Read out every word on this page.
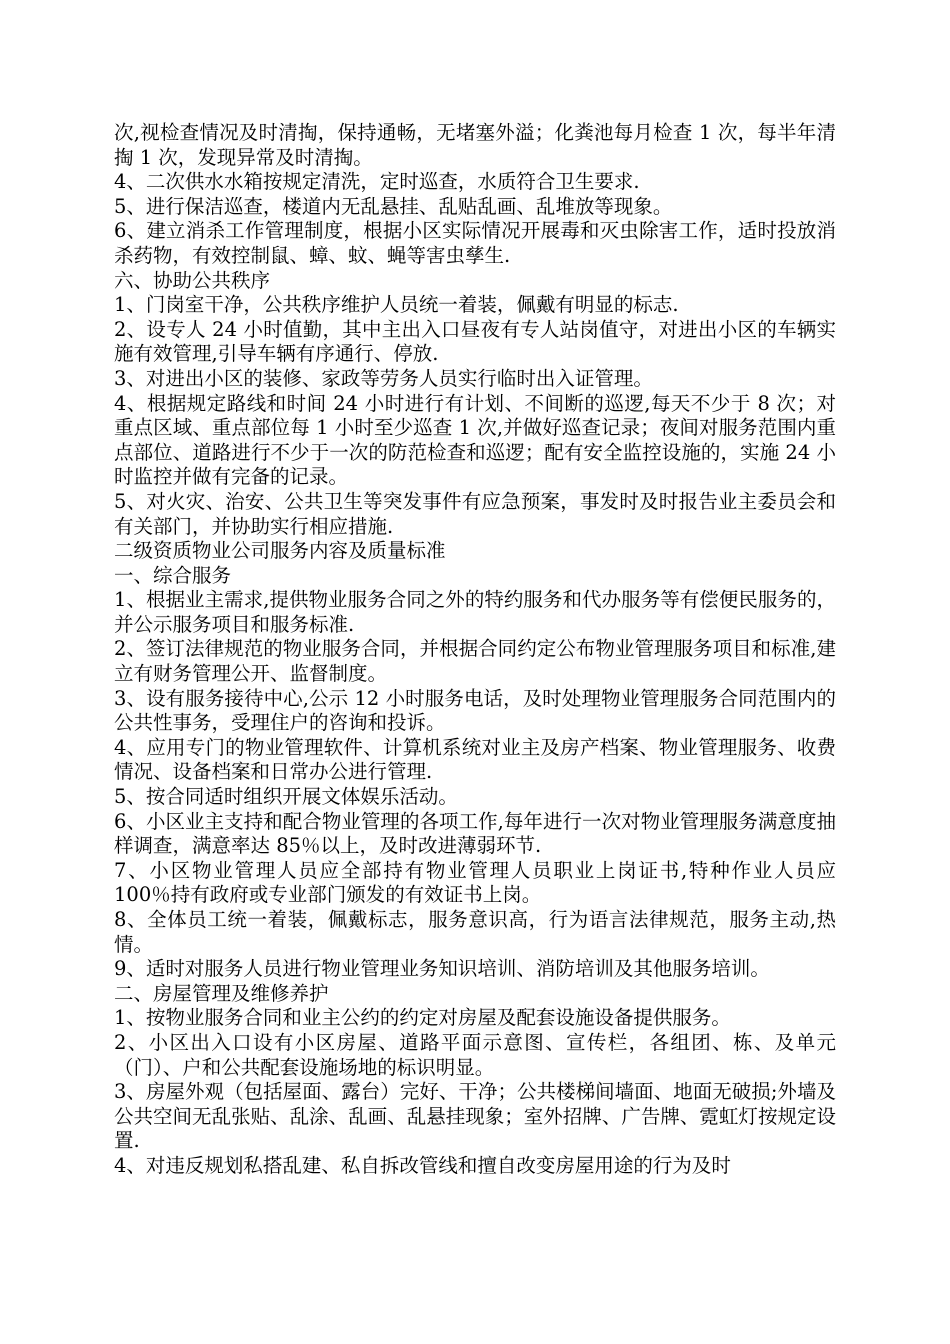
次,视检查情况及时清掏，保持通畅，无堵塞外溢；化粪池每月检查 1 次，每半年清掏 1 次，发现异常及时清掏。

4、二次供水水箱按规定清洗，定时巡查，水质符合卫生要求.

5、进行保洁巡查，楼道内无乱悬挂、乱贴乱画、乱堆放等现象。

6、建立消杀工作管理制度，根据小区实际情况开展毒和灭虫除害工作，适时投放消杀药物，有效控制鼠、蟑、蚊、蝇等害虫孳生.

六、协助公共秩序

1、门岗室干净，公共秩序维护人员统一着装，佩戴有明显的标志.

2、设专人 24 小时值勤，其中主出入口昼夜有专人站岗值守，对进出小区的车辆实施有效管理,引导车辆有序通行、停放.

3、对进出小区的装修、家政等劳务人员实行临时出入证管理。

4、根据规定路线和时间 24 小时进行有计划、不间断的巡逻,每天不少于 8 次；对重点区域、重点部位每 1 小时至少巡查 1 次,并做好巡查记录；夜间对服务范围内重点部位、道路进行不少于一次的防范检查和巡逻；配有安全监控设施的，实施 24 小时监控并做有完备的记录。

5、对火灾、治安、公共卫生等突发事件有应急预案，事发时及时报告业主委员会和有关部门，并协助实行相应措施.

二级资质物业公司服务内容及质量标准

一、综合服务

1、根据业主需求,提供物业服务合同之外的特约服务和代办服务等有偿便民服务的，并公示服务项目和服务标准.

2、签订法律规范的物业服务合同，并根据合同约定公布物业管理服务项目和标准,建立有财务管理公开、监督制度。

3、设有服务接待中心,公示 12 小时服务电话，及时处理物业管理服务合同范围内的公共性事务，受理住户的咨询和投诉。

4、应用专门的物业管理软件、计算机系统对业主及房产档案、物业管理服务、收费情况、设备档案和日常办公进行管理.

5、按合同适时组织开展文体娱乐活动。

6、小区业主支持和配合物业管理的各项工作,每年进行一次对物业管理服务满意度抽样调查，满意率达 85％以上，及时改进薄弱环节.

7、小区物业管理人员应全部持有物业管理人员职业上岗证书,特种作业人员应 100％持有政府或专业部门颁发的有效证书上岗。

8、全体员工统一着装，佩戴标志，服务意识高，行为语言法律规范，服务主动,热情。

9、适时对服务人员进行物业管理业务知识培训、消防培训及其他服务培训。

二、房屋管理及维修养护

1、按物业服务合同和业主公约的约定对房屋及配套设施设备提供服务。

2、小区出入口设有小区房屋、道路平面示意图、宣传栏，各组团、栋、及单元（门）、户和公共配套设施场地的标识明显。

3、房屋外观（包括屋面、露台）完好、干净；公共楼梯间墙面、地面无破损;外墙及公共空间无乱张贴、乱涂、乱画、乱悬挂现象；室外招牌、广告牌、霓虹灯按规定设置.

4、对违反规划私搭乱建、私自拆改管线和擅自改变房屋用途的行为及时
